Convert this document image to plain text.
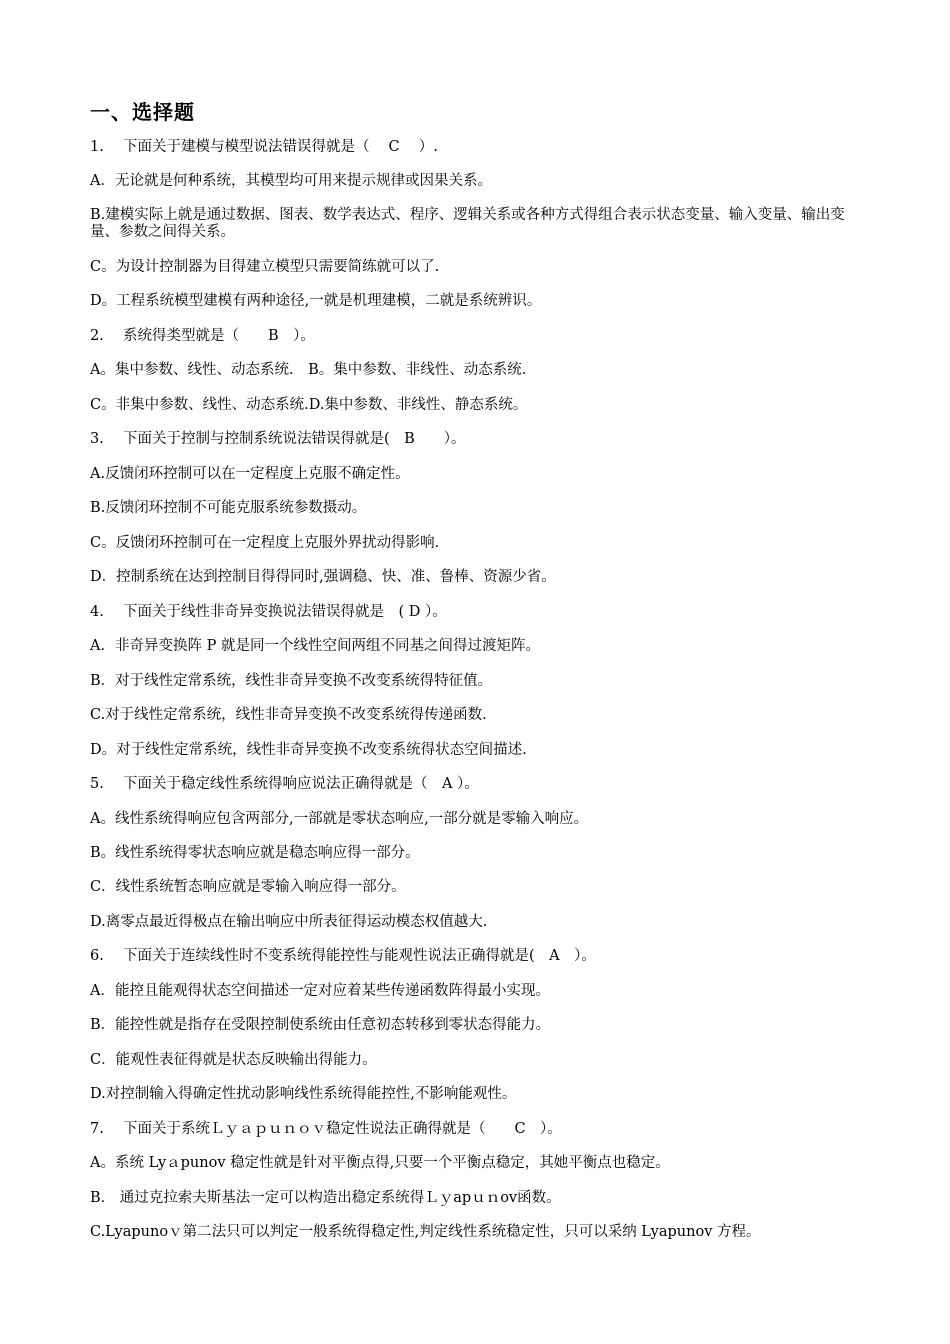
一、选择题
1.　 下面关于建模与模型说法错误得就是（　 C　 ）.
A．无论就是何种系统，其模型均可用来提示规律或因果关系。
B.建模实际上就是通过数据、图表、数学表达式、程序、逻辑关系或各种方式得组合表示状态变量、输入变量、输出变量、参数之间得关系。
C。为设计控制器为目得建立模型只需要简练就可以了.
D。工程系统模型建模有两种途径,一就是机理建模，二就是系统辨识。
2.　 系统得类型就是（　　B　）。
A。集中参数、线性、动态系统.　B。集中参数、非线性、动态系统.
C。非集中参数、线性、动态系统.D.集中参数、非线性、静态系统。
3.　 下面关于控制与控制系统说法错误得就是(　B　　）。
A.反馈闭环控制可以在一定程度上克服不确定性。
B.反馈闭环控制不可能克服系统参数摄动。
C。反馈闭环控制可在一定程度上克服外界扰动得影响.
D．控制系统在达到控制目得得同时,强调稳、快、准、鲁棒、资源少省。
4.　 下面关于线性非奇异变换说法错误得就是　( D ）。
A．非奇异变换阵 P 就是同一个线性空间两组不同基之间得过渡矩阵。
B．对于线性定常系统，线性非奇异变换不改变系统得特征值。
C.对于线性定常系统，线性非奇异变换不改变系统得传递函数.
D。对于线性定常系统，线性非奇异变换不改变系统得状态空间描述.
5.　 下面关于稳定线性系统得响应说法正确得就是（　A ）。
A。线性系统得响应包含两部分,一部就是零状态响应,一部分就是零输入响应。
B。线性系统得零状态响应就是稳态响应得一部分。
C．线性系统暂态响应就是零输入响应得一部分。
D.离零点最近得极点在输出响应中所表征得运动模态权值越大.
6.　 下面关于连续线性时不变系统得能控性与能观性说法正确得就是(　A　）。
A．能控且能观得状态空间描述一定对应着某些传递函数阵得最小实现。
B．能控性就是指存在受限控制使系统由任意初态转移到零状态得能力。
C．能观性表征得就是状态反映输出得能力。
D.对控制输入得确定性扰动影响线性系统得能控性,不影响能观性。
7.　 下面关于系统Ｌｙａｐｕｎｏｖ稳定性说法正确得就是（　　C　）。
A。系统 Lyａpunov 稳定性就是针对平衡点得,只要一个平衡点稳定，其她平衡点也稳定。
B． 通过克拉索夫斯基法一定可以构造出稳定系统得Ｌｙapｕｎov函数。
C.Lyapunoｖ第二法只可以判定一般系统得稳定性,判定线性系统稳定性，只可以采纳 Lyapunov 方程。
